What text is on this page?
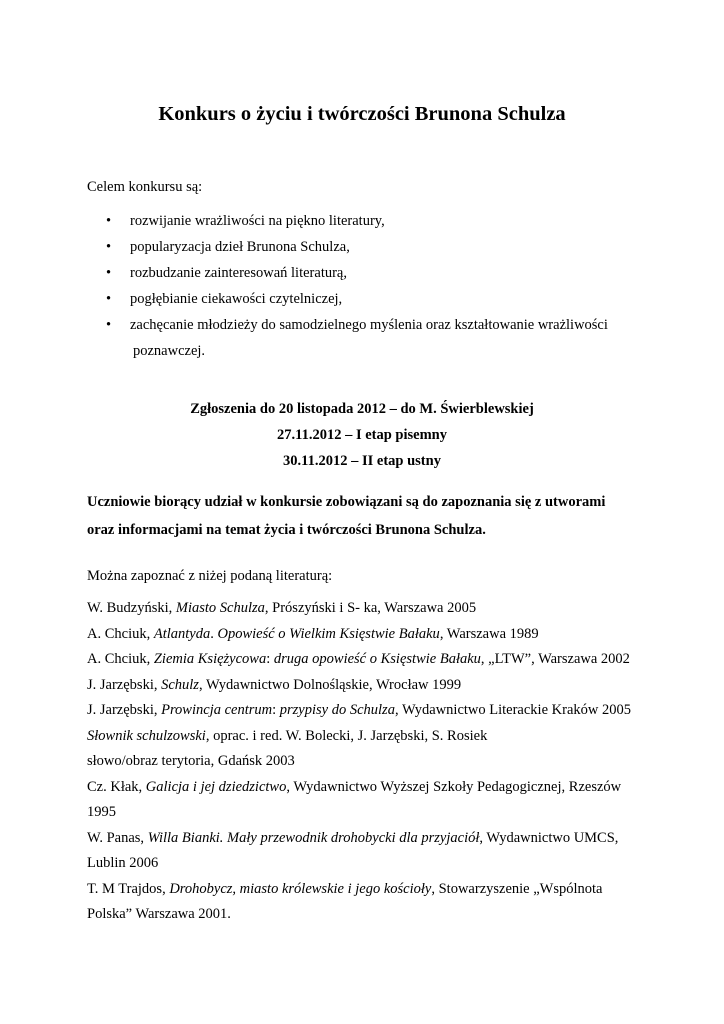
Konkurs o życiu i twórczości Brunona Schulza
Celem konkursu są:
• rozwijanie wrażliwości na piękno literatury,
• popularyzacja dzieł Brunona Schulza,
• rozbudzanie zainteresowań literaturą,
• pogłębianie ciekawości czytelniczej,
• zachęcanie młodzieży do samodzielnego myślenia oraz kształtowanie wrażliwości
poznawczej.
Zgłoszenia do 20 listopada 2012 – do M. Świerblewskiej
27.11.2012 – I etap pisemny
30.11.2012 – II etap ustny
Uczniowie biorący udział w konkursie zobowiązani są do zapoznania się z utworami
oraz informacjami na temat życia i twórczości Brunona Schulza.
Można zapoznać z niżej podaną literaturą:
W. Budzyński, Miasto Schulza, Prószyński i S- ka, Warszawa 2005
A. Chciuk, Atlantyda. Opowieść o Wielkim Księstwie Bałaku, Warszawa 1989
A. Chciuk, Ziemia Księżycowa: druga opowieść o Księstwie Bałaku, „LTW”, Warszawa 2002
J. Jarzębski, Schulz, Wydawnictwo Dolnośląskie, Wrocław 1999
J. Jarzębski, Prowincja centrum: przypisy do Schulza, Wydawnictwo Literackie Kraków 2005
Słownik schulzowski, oprac. i red. W. Bolecki, J. Jarzębski, S. Rosiek
słowo/obraz terytoria, Gdańsk 2003
Cz. Kłak, Galicja i jej dziedzictwo, Wydawnictwo Wyższej Szkoły Pedagogicznej, Rzeszów
1995
W. Panas, Willa Bianki. Mały przewodnik drohobycki dla przyjaciół, Wydawnictwo UMCS,
Lublin 2006
T. M Trajdos, Drohobycz, miasto królewskie i jego kościoły, Stowarzyszenie „Wspólnota
Polska” Warszawa 2001.
